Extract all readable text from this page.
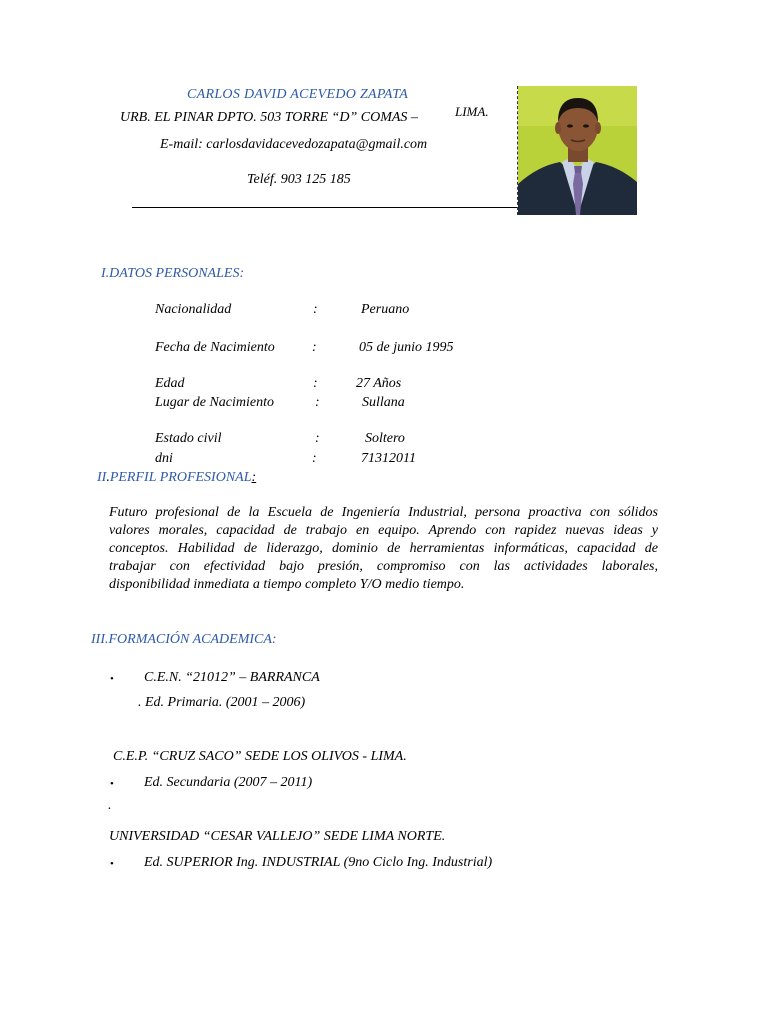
CARLOS DAVID ACEVEDO ZAPATA
URB. EL PINAR DPTO. 503 TORRE “D” COMAS –	LIMA.
E-mail: carlosdavidacevedozapata@gmail.com
Teléf. 903 125 185
I.DATOS PERSONALES:
Nacionalidad	:	Peruano
Fecha de Nacimiento	:	05 de junio 1995
Edad	:	27 Años
Lugar de Nacimiento	:	Sullana
Estado civil	:	Soltero
dni	:	71312011
II.PERFIL PROFESIONAL:
Futuro profesional de la Escuela de Ingeniería Industrial, persona proactiva con sólidos
valores morales, capacidad de trabajo en equipo. Aprendo con rapidez nuevas ideas y
conceptos. Habilidad de liderazgo, dominio de herramientas informáticas, capacidad de
trabajar con efectividad bajo presión, compromiso con las actividades laborales,
disponibilidad inmediata a tiempo completo Y/O medio tiempo.
III.FORMACIÓN ACADEMICA:
• C.E.N. “21012” – BARRANCA
. Ed. Primaria. (2001 – 2006)
C.E.P. “CRUZ SACO” SEDE LOS OLIVOS - LIMA.
• Ed. Secundaria (2007 – 2011)
.
UNIVERSIDAD “CESAR VALLEJO” SEDE LIMA NORTE.
• Ed. SUPERIOR Ing. INDUSTRIAL (9no Ciclo Ing. Industrial)
